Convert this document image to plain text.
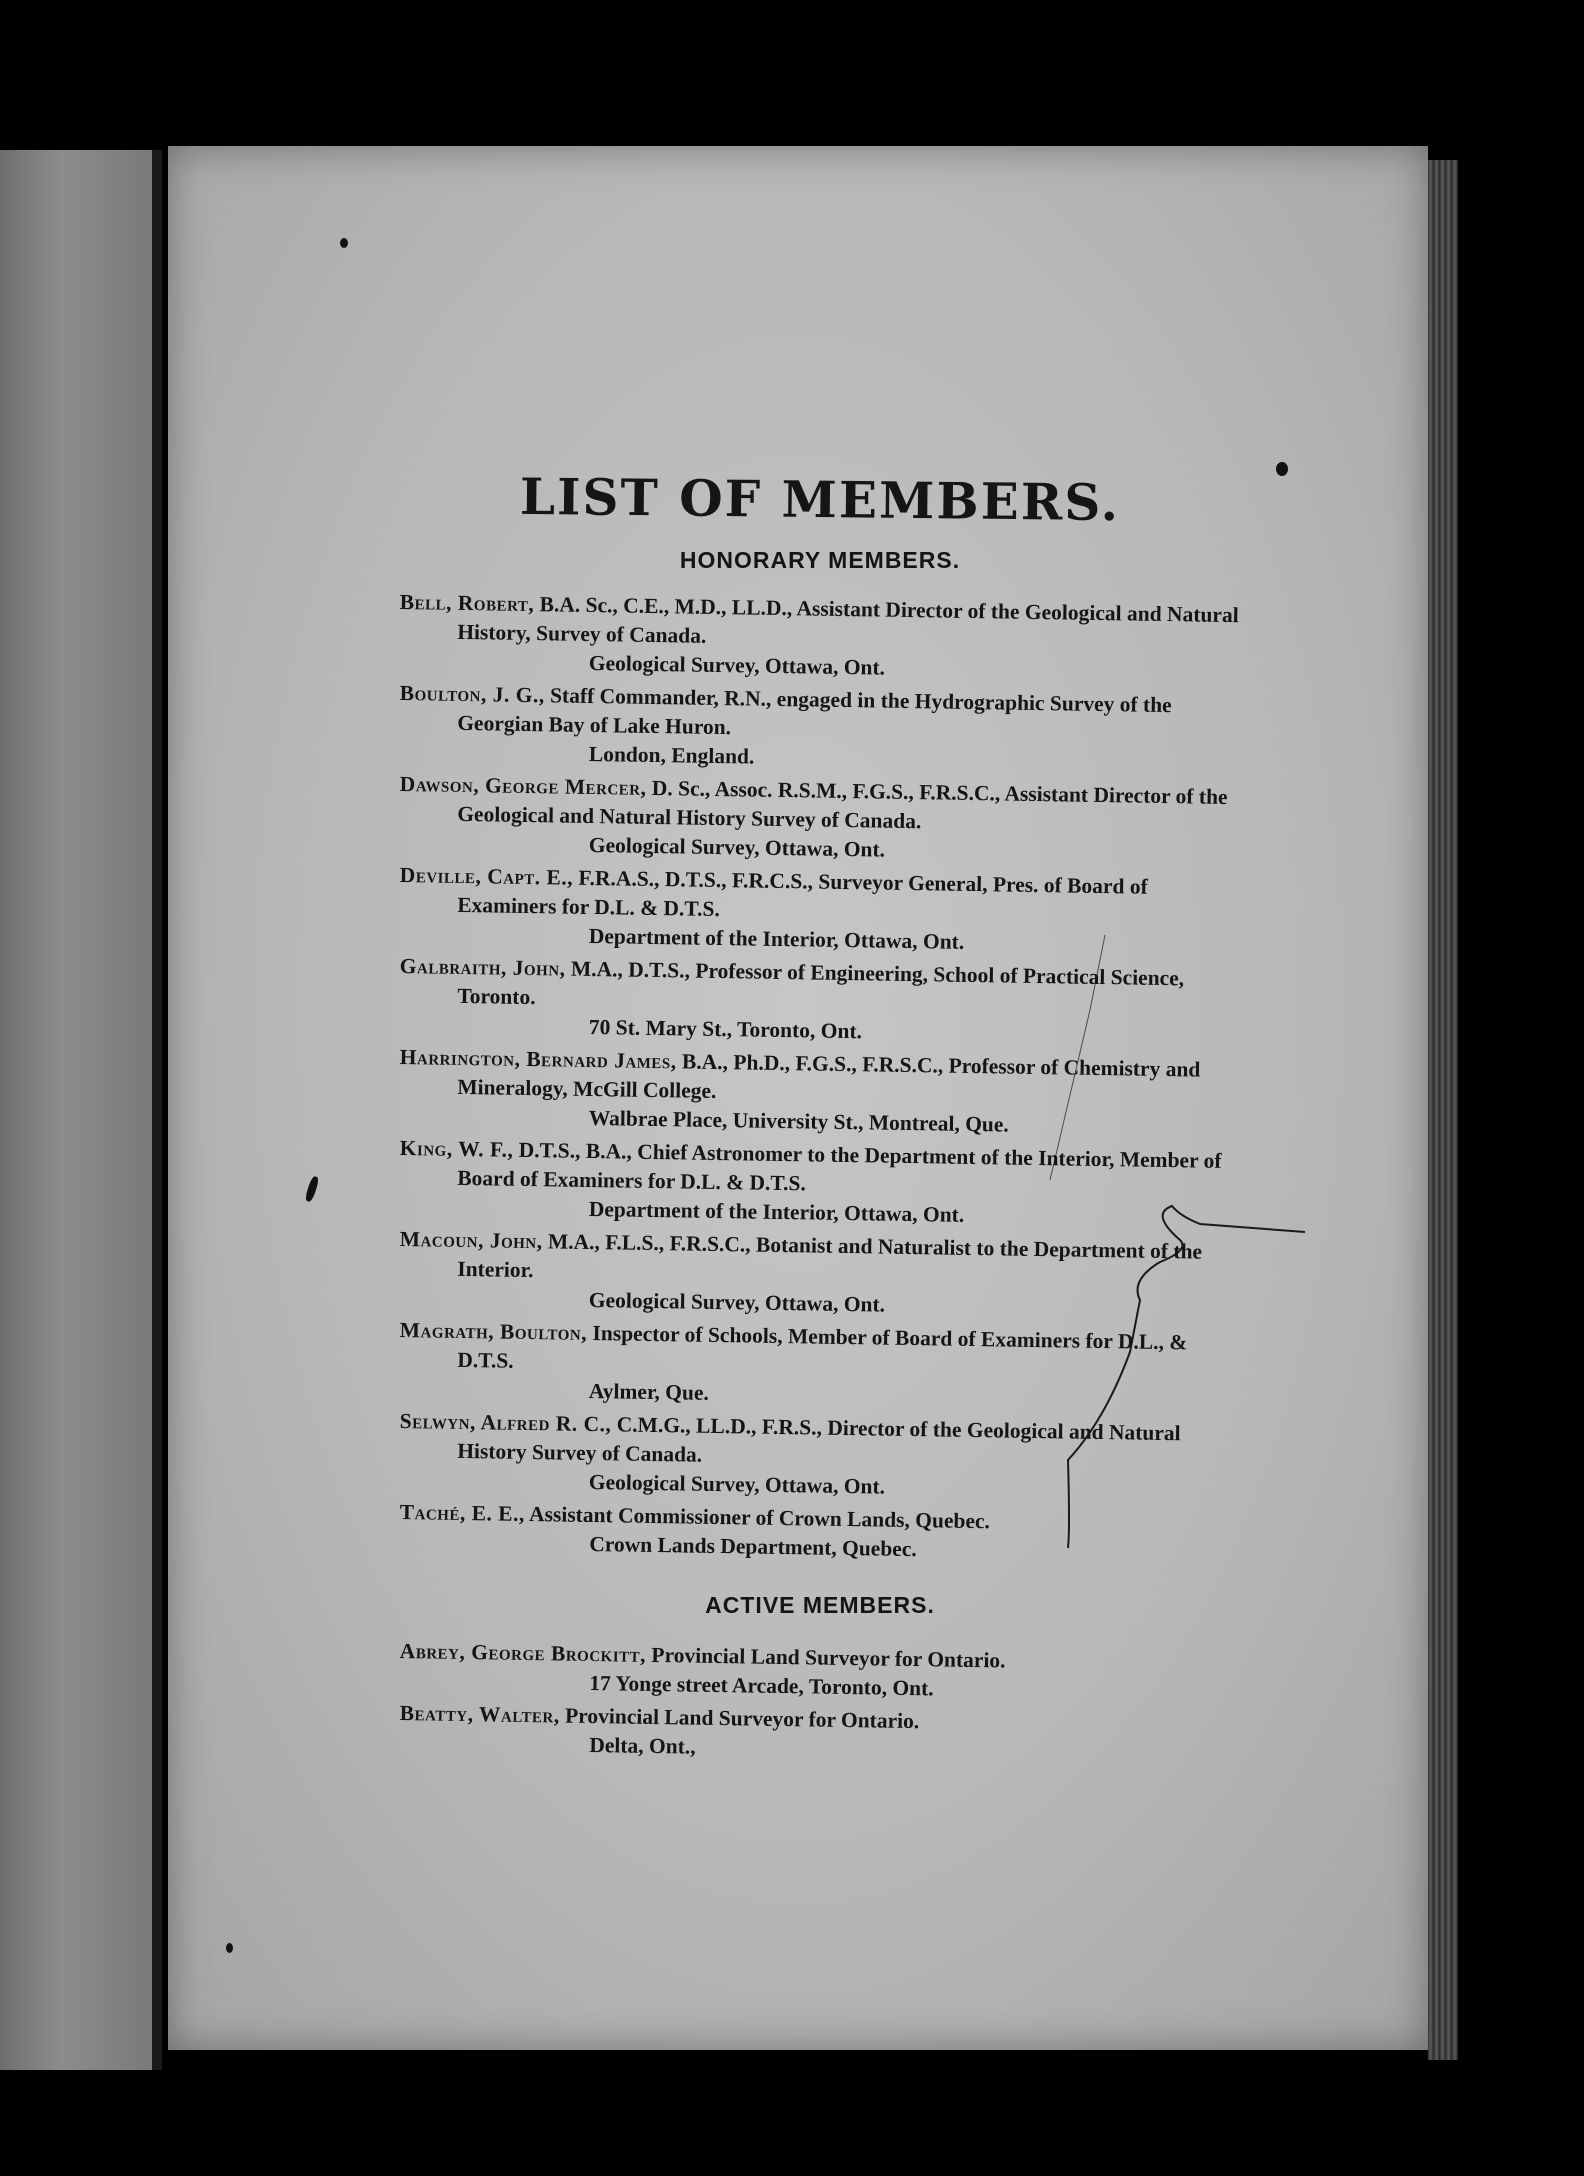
LIST OF MEMBERS.
HONORARY MEMBERS.
Bell, Robert, B.A. Sc., C.E., M.D., LL.D., Assistant Director of the Geological and Natural History, Survey of Canada.
Geological Survey, Ottawa, Ont.
Boulton, J. G., Staff Commander, R.N., engaged in the Hydrographic Survey of the Georgian Bay of Lake Huron.
London, England.
Dawson, George Mercer, D. Sc., Assoc. R.S.M., F.G.S., F.R.S.C., Assistant Director of the Geological and Natural History Survey of Canada.
Geological Survey, Ottawa, Ont.
Deville, Capt. E., F.R.A.S., D.T.S., F.R.C.S., Surveyor General, Pres. of Board of Examiners for D.L. & D.T.S.
Department of the Interior, Ottawa, Ont.
Galbraith, John, M.A., D.T.S., Professor of Engineering, School of Practical Science, Toronto.
70 St. Mary St., Toronto, Ont.
Harrington, Bernard James, B.A., Ph.D., F.G.S., F.R.S.C., Professor of Chemistry and Mineralogy, McGill College.
Walbrae Place, University St., Montreal, Que.
King, W. F., D.T.S., B.A., Chief Astronomer to the Department of the Interior, Member of Board of Examiners for D.L. & D.T.S.
Department of the Interior, Ottawa, Ont.
Macoun, John, M.A., F.L.S., F.R.S.C., Botanist and Naturalist to the Department of the Interior.
Geological Survey, Ottawa, Ont.
Magrath, Boulton, Inspector of Schools, Member of Board of Examiners for D.L., & D.T.S.
Aylmer, Que.
Selwyn, Alfred R. C., C.M.G., LL.D., F.R.S., Director of the Geological and Natural History Survey of Canada.
Geological Survey, Ottawa, Ont.
Taché, E. E., Assistant Commissioner of Crown Lands, Quebec.
Crown Lands Department, Quebec.
ACTIVE MEMBERS.
Abrey, George Brockitt, Provincial Land Surveyor for Ontario.
17 Yonge street Arcade, Toronto, Ont.
Beatty, Walter, Provincial Land Surveyor for Ontario.
Delta, Ont.,
